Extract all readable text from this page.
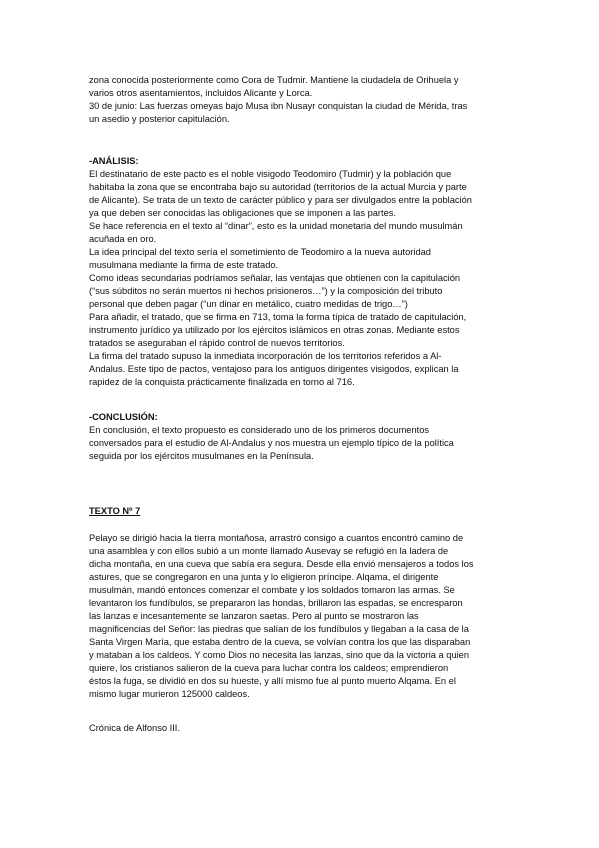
zona conocida posteriormente como Cora de Tudmir. Mantiene la ciudadela de Orihuela y
varios otros asentamientos, incluidos Alicante y Lorca.
30 de junio: Las fuerzas omeyas bajo Musa ibn Nusayr conquistan la ciudad de Mérida, tras
un asedio y posterior capitulación.
-ANÁLISIS:
El destinatario de este pacto es el noble visigodo Teodomiro (Tudmir) y la población que
habitaba la zona que se encontraba bajo su autoridad (territorios de la actual Murcia y parte
de Alicante). Se trata de un texto de carácter público y para ser divulgados entre la población
ya que deben ser conocidas las obligaciones que se imponen a las partes.
Se hace referencia en el texto al “dinar”, esto es la unidad monetaria del mundo musulmán
acuñada en oro.
La idea principal del texto sería el sometimiento de Teodomiro a la nueva autoridad
musulmana mediante la firma de este tratado.
Como ideas secundarias podríamos señalar, las ventajas que obtienen con la capitulación
(“sus súbditos no serán muertos ni hechos prisioneros…”) y la composición del tributo
personal que deben pagar (“un dinar en metálico, cuatro medidas de trigo…”)
Para añadir, el tratado, que se firma en 713, toma la forma típica de tratado de capitulación,
instrumento jurídico ya utilizado por los ejércitos islámicos en otras zonas. Mediante estos
tratados se aseguraban el rápido control de nuevos territorios.
La firma del tratado supuso la inmediata incorporación de los territorios referidos a Al-
Andalus. Este tipo de pactos, ventajoso para los antiguos dirigentes visigodos, explican la
rapidez de la conquista prácticamente finalizada en torno al 716.
-CONCLUSIÓN:
En conclusión, el texto propuesto es considerado uno de los primeros documentos
conversados para el estudio de Al-Andalus y nos muestra un ejemplo típico de la política
seguida por los ejércitos musulmanes en la Península.
TEXTO Nº 7
Pelayo se dirigió hacia la tierra montañosa, arrastró consigo a cuantos encontró camino de
una asamblea y con ellos subió a un monte llamado Ausevay se refugió en la ladera de
dicha montaña, en una cueva que sabía era segura. Desde ella envió mensajeros a todos los
astures, que se congregaron en una junta y lo eligieron príncipe. Alqama, el dirigente
musulmán, mandó entonces comenzar el combate y los soldados tomaron las armas. Se
levantaron los fundíbulos, se prepararon las hondas, brillaron las espadas, se encresparon
las lanzas e incesantemente se lanzaron saetas. Pero al punto se mostraron las
magnificencias del Señor: las piedras que salían de los fundíbulos y llegaban a la casa de la
Santa Virgen María, que estaba dentro de la cueva, se volvían contra los que las disparaban
y mataban a los caldeos. Y como Dios no necesita las lanzas, sino que da la victoria a quien
quiere, los cristianos salieron de la cueva para luchar contra los caldeos; emprendieron
éstos la fuga, se dividió en dos su hueste, y allí mismo fue al punto muerto Alqama. En el
mismo lugar murieron 125000 caldeos.
Crónica de Alfonso III.
